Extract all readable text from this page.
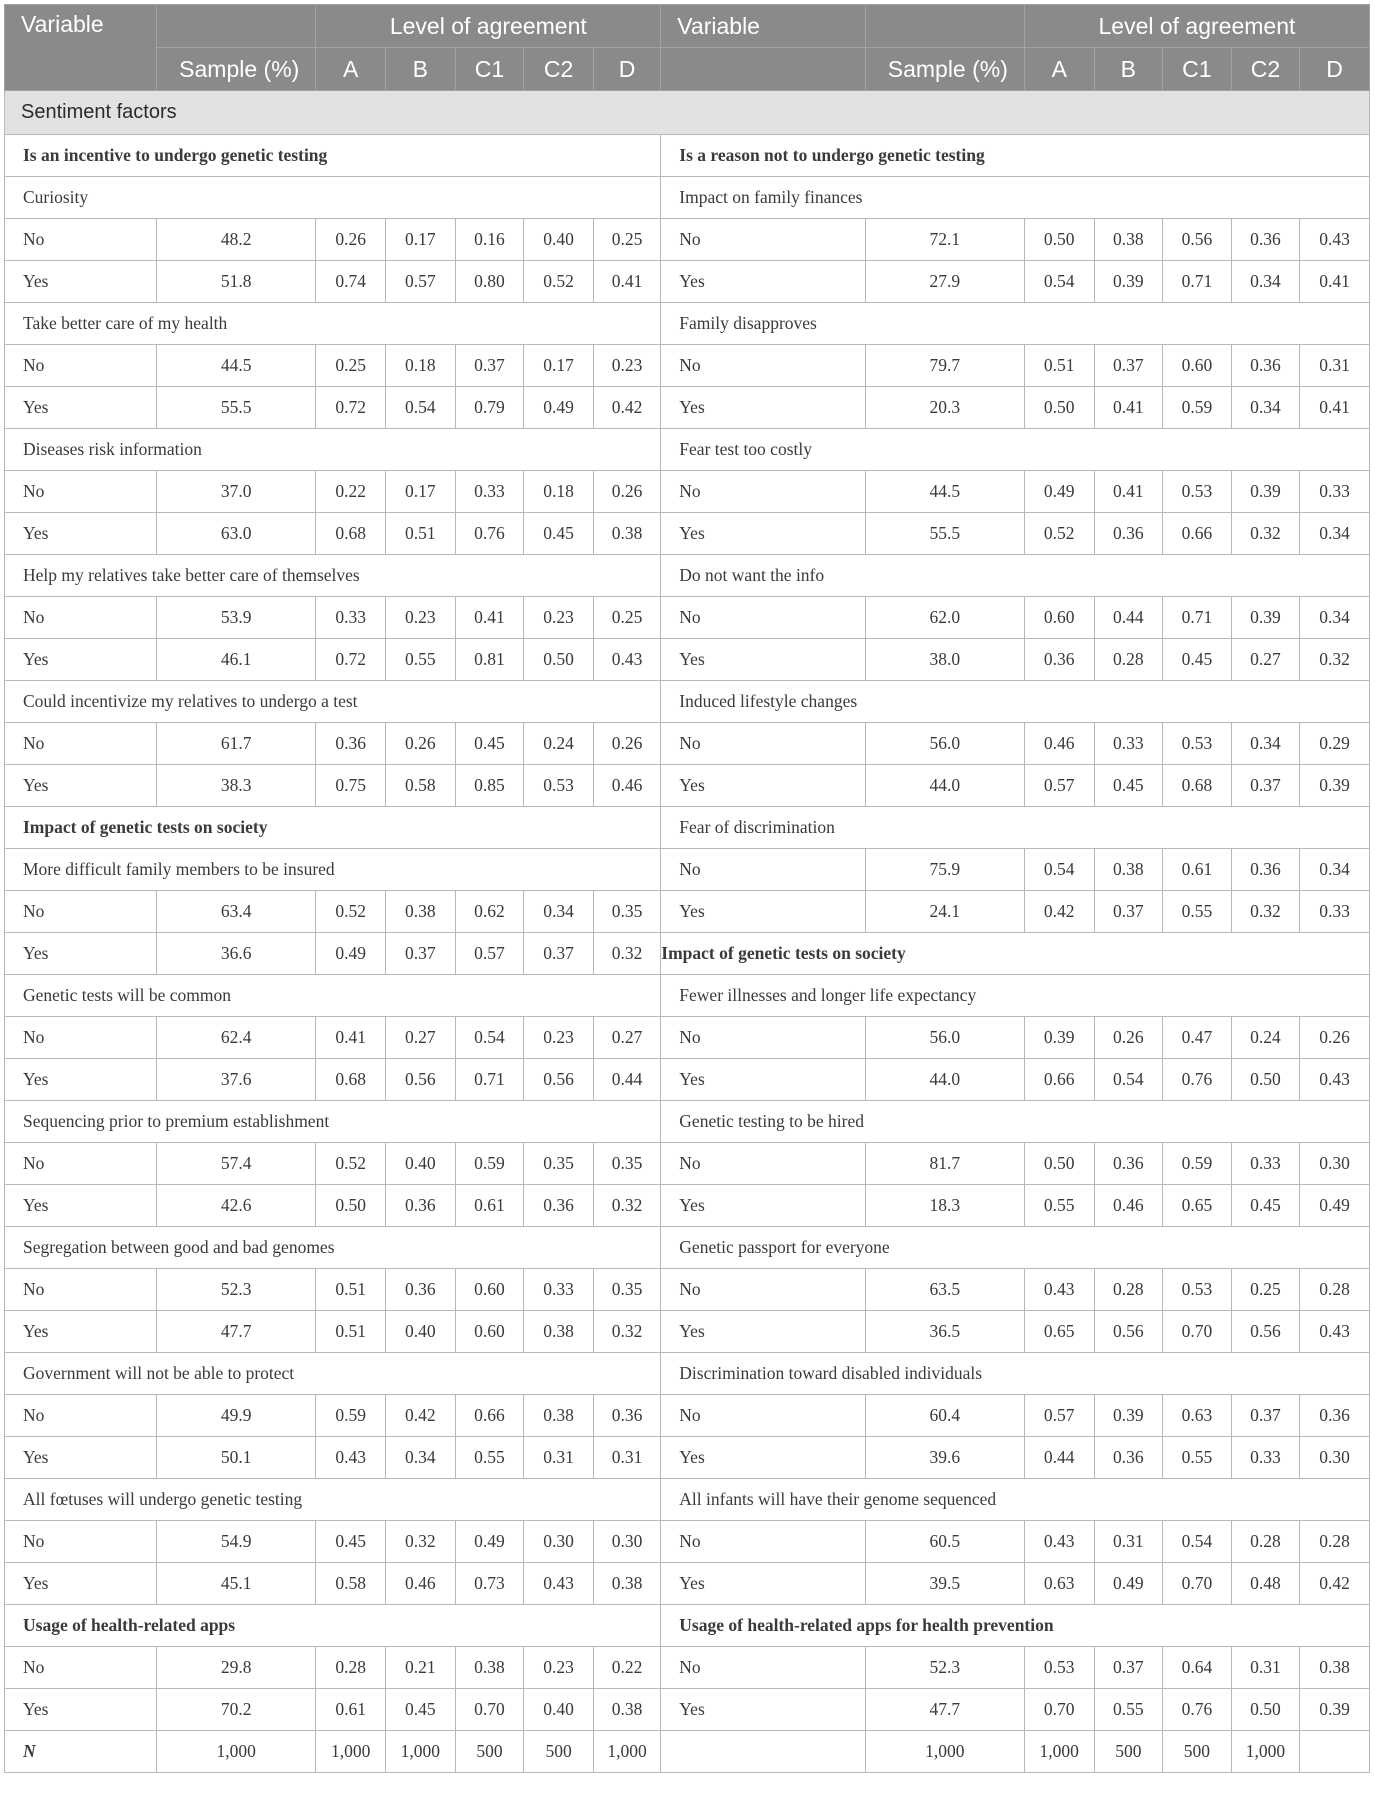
Variable		Level of agreement					Variable		Level of agreement				
	Sample (%)	A	B	C1	C2	D		Sample (%)	A	B	C1	C2	D
Sentiment factors													
Is an incentive to undergo genetic testing							Is a reason not to undergo genetic testing						
Curiosity							Impact on family finances						
No	48.2	0.26	0.17	0.16	0.40	0.25	No	72.1	0.50	0.38	0.56	0.36	0.43
Yes	51.8	0.74	0.57	0.80	0.52	0.41	Yes	27.9	0.54	0.39	0.71	0.34	0.41
Take better care of my health							Family disapproves						
No	44.5	0.25	0.18	0.37	0.17	0.23	No	79.7	0.51	0.37	0.60	0.36	0.31
Yes	55.5	0.72	0.54	0.79	0.49	0.42	Yes	20.3	0.50	0.41	0.59	0.34	0.41
Diseases risk information							Fear test too costly						
No	37.0	0.22	0.17	0.33	0.18	0.26	No	44.5	0.49	0.41	0.53	0.39	0.33
Yes	63.0	0.68	0.51	0.76	0.45	0.38	Yes	55.5	0.52	0.36	0.66	0.32	0.34
Help my relatives take better care of themselves							Do not want the info						
No	53.9	0.33	0.23	0.41	0.23	0.25	No	62.0	0.60	0.44	0.71	0.39	0.34
Yes	46.1	0.72	0.55	0.81	0.50	0.43	Yes	38.0	0.36	0.28	0.45	0.27	0.32
Could incentivize my relatives to undergo a test							Induced lifestyle changes						
No	61.7	0.36	0.26	0.45	0.24	0.26	No	56.0	0.46	0.33	0.53	0.34	0.29
Yes	38.3	0.75	0.58	0.85	0.53	0.46	Yes	44.0	0.57	0.45	0.68	0.37	0.39
Impact of genetic tests on society							Fear of discrimination						
More difficult family members to be insured							No	75.9	0.54	0.38	0.61	0.36	0.34
No	63.4	0.52	0.38	0.62	0.34	0.35	Yes	24.1	0.42	0.37	0.55	0.32	0.33
Yes	36.6	0.49	0.37	0.57	0.37	0.32	Impact of genetic tests on society						
Genetic tests will be common							Fewer illnesses and longer life expectancy						
No	62.4	0.41	0.27	0.54	0.23	0.27	No	56.0	0.39	0.26	0.47	0.24	0.26
Yes	37.6	0.68	0.56	0.71	0.56	0.44	Yes	44.0	0.66	0.54	0.76	0.50	0.43
Sequencing prior to premium establishment							Genetic testing to be hired						
No	57.4	0.52	0.40	0.59	0.35	0.35	No	81.7	0.50	0.36	0.59	0.33	0.30
Yes	42.6	0.50	0.36	0.61	0.36	0.32	Yes	18.3	0.55	0.46	0.65	0.45	0.49
Segregation between good and bad genomes							Genetic passport for everyone						
No	52.3	0.51	0.36	0.60	0.33	0.35	No	63.5	0.43	0.28	0.53	0.25	0.28
Yes	47.7	0.51	0.40	0.60	0.38	0.32	Yes	36.5	0.65	0.56	0.70	0.56	0.43
Government will not be able to protect							Discrimination toward disabled individuals						
No	49.9	0.59	0.42	0.66	0.38	0.36	No	60.4	0.57	0.39	0.63	0.37	0.36
Yes	50.1	0.43	0.34	0.55	0.31	0.31	Yes	39.6	0.44	0.36	0.55	0.33	0.30
All fœtuses will undergo genetic testing							All infants will have their genome sequenced						
No	54.9	0.45	0.32	0.49	0.30	0.30	No	60.5	0.43	0.31	0.54	0.28	0.28
Yes	45.1	0.58	0.46	0.73	0.43	0.38	Yes	39.5	0.63	0.49	0.70	0.48	0.42
Usage of health-related apps							Usage of health-related apps for health prevention						
No	29.8	0.28	0.21	0.38	0.23	0.22	No	52.3	0.53	0.37	0.64	0.31	0.38
Yes	70.2	0.61	0.45	0.70	0.40	0.38	Yes	47.7	0.70	0.55	0.76	0.50	0.39
N	1,000	1,000	1,000	500	500	1,000		1,000	1,000	500	500	1,000	
